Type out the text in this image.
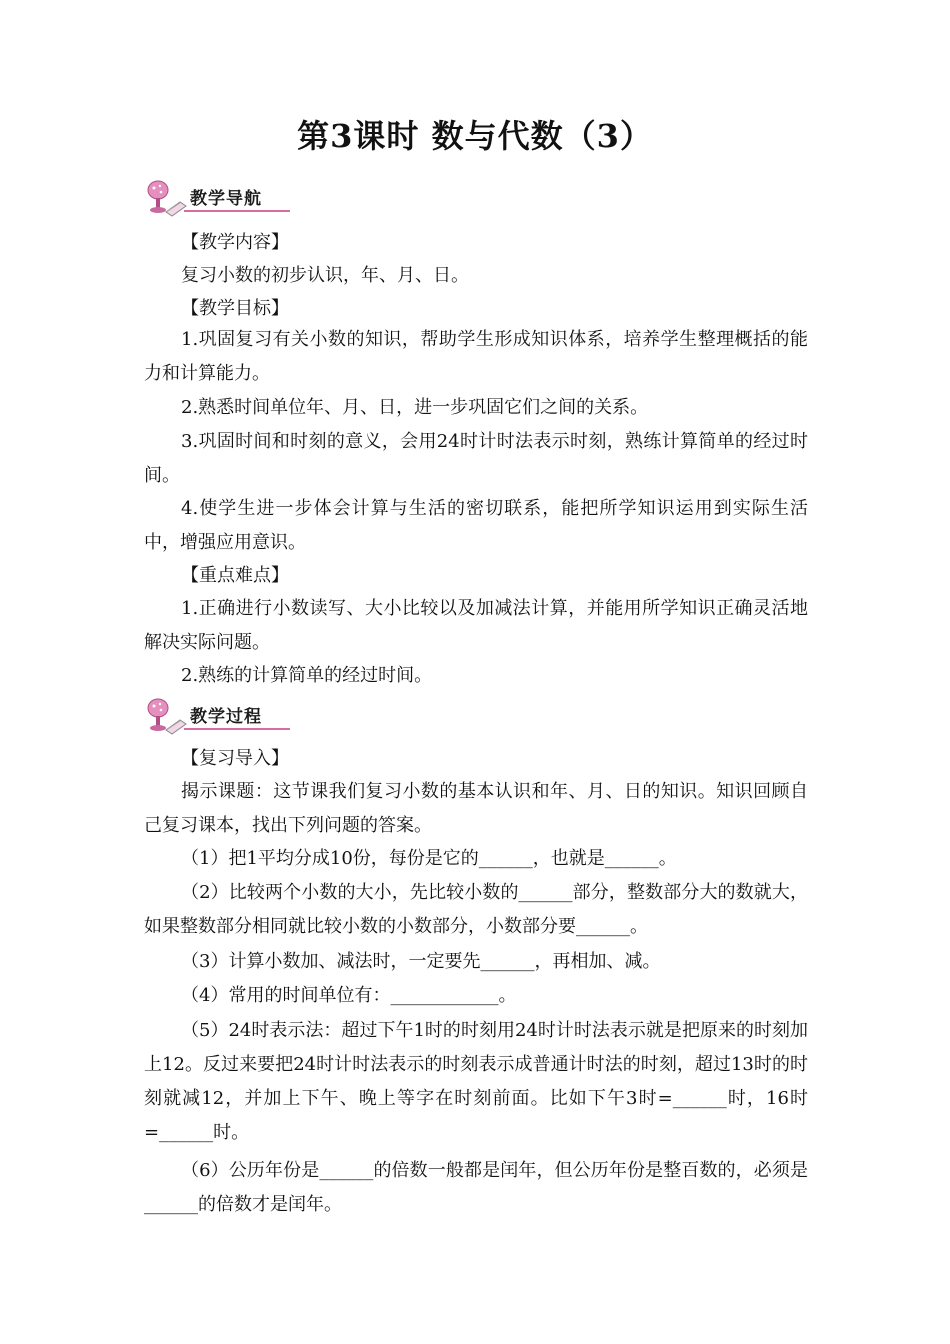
第3课时 数与代数（3）
教学导航
【教学内容】
复习小数的初步认识，年、月、日。
【教学目标】
1.巩固复习有关小数的知识，帮助学生形成知识体系，培养学生整理概括的能力和计算能力。
2.熟悉时间单位年、月、日，进一步巩固它们之间的关系。
3.巩固时间和时刻的意义，会用24时计时法表示时刻，熟练计算简单的经过时间。
4.使学生进一步体会计算与生活的密切联系，能把所学知识运用到实际生活中，增强应用意识。
【重点难点】
1.正确进行小数读写、大小比较以及加减法计算，并能用所学知识正确灵活地解决实际问题。
2.熟练的计算简单的经过时间。
教学过程
【复习导入】
揭示课题：这节课我们复习小数的基本认识和年、月、日的知识。知识回顾自己复习课本，找出下列问题的答案。
（1）把1平均分成10份，每份是它的______，也就是______。
（2）比较两个小数的大小，先比较小数的______部分，整数部分大的数就大，如果整数部分相同就比较小数的小数部分，小数部分要______。
（3）计算小数加、减法时，一定要先______，再相加、减。
（4）常用的时间单位有：____________。
（5）24时表示法：超过下午1时的时刻用24时计时法表示就是把原来的时刻加上12。反过来要把24时计时法表示的时刻表示成普通计时法的时刻，超过13时的时刻就减12，并加上下午、晚上等字在时刻前面。比如下午3时=______时，16时=______时。
（6）公历年份是______的倍数一般都是闰年，但公历年份是整百数的，必须是______的倍数才是闰年。
